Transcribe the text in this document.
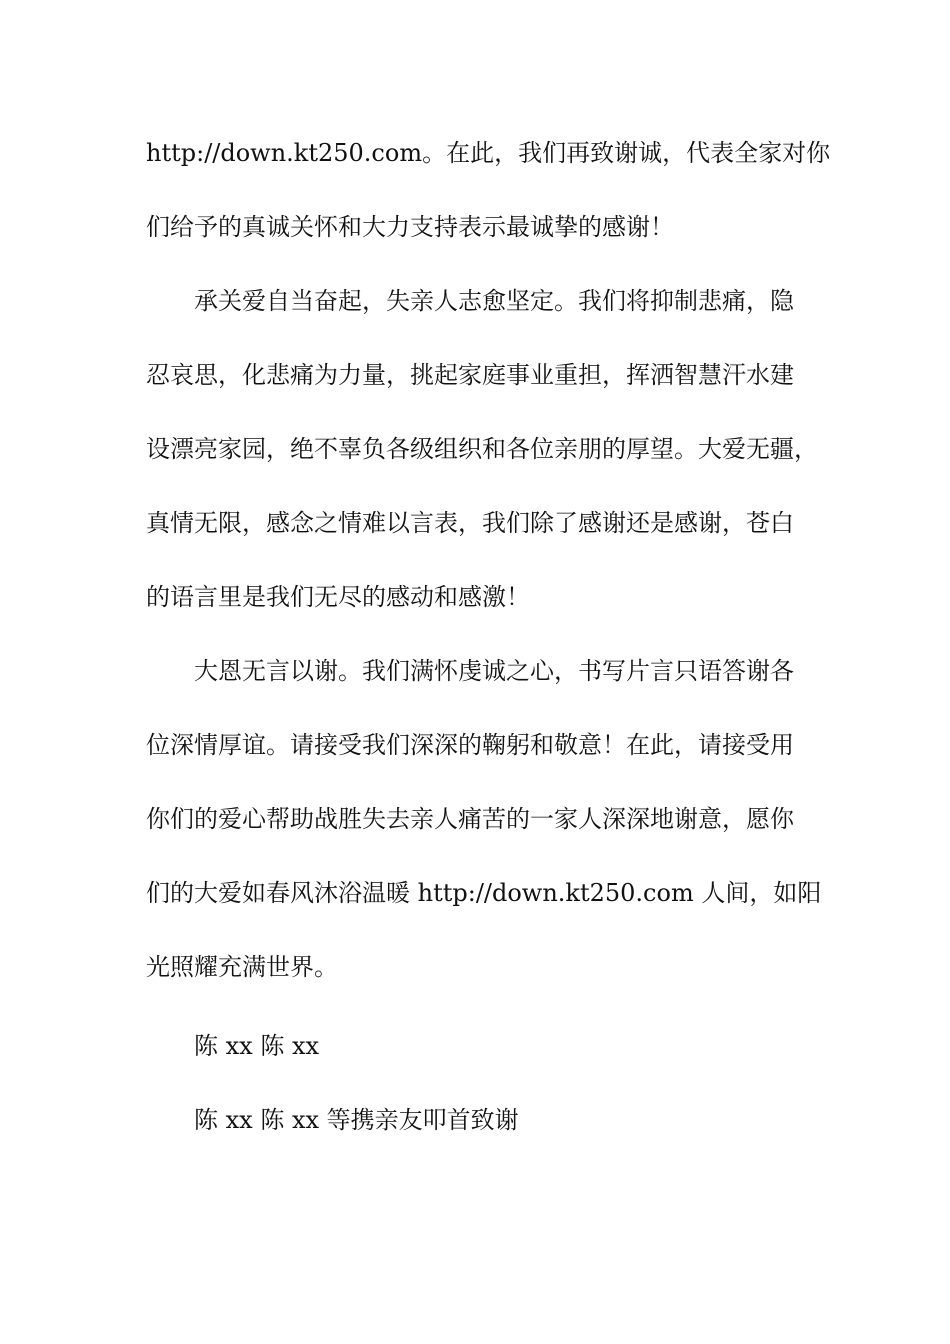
http://down.kt250.com。在此，我们再致谢诚，代表全家对你

们给予的真诚关怀和大力支持表示最诚挚的感谢！

承关爱自当奋起，失亲人志愈坚定。我们将抑制悲痛，隐

忍哀思，化悲痛为力量，挑起家庭事业重担，挥洒智慧汗水建

设漂亮家园，绝不辜负各级组织和各位亲朋的厚望。大爱无疆，

真情无限，感念之情难以言表，我们除了感谢还是感谢，苍白

的语言里是我们无尽的感动和感激！

大恩无言以谢。我们满怀虔诚之心，书写片言只语答谢各

位深情厚谊。请接受我们深深的鞠躬和敬意！在此，请接受用

你们的爱心帮助战胜失去亲人痛苦的一家人深深地谢意，愿你

们的大爱如春风沐浴温暖 http://down.kt250.com 人间，如阳

光照耀充满世界。

陈 xx 陈 xx

陈 xx 陈 xx 等携亲友叩首致谢
